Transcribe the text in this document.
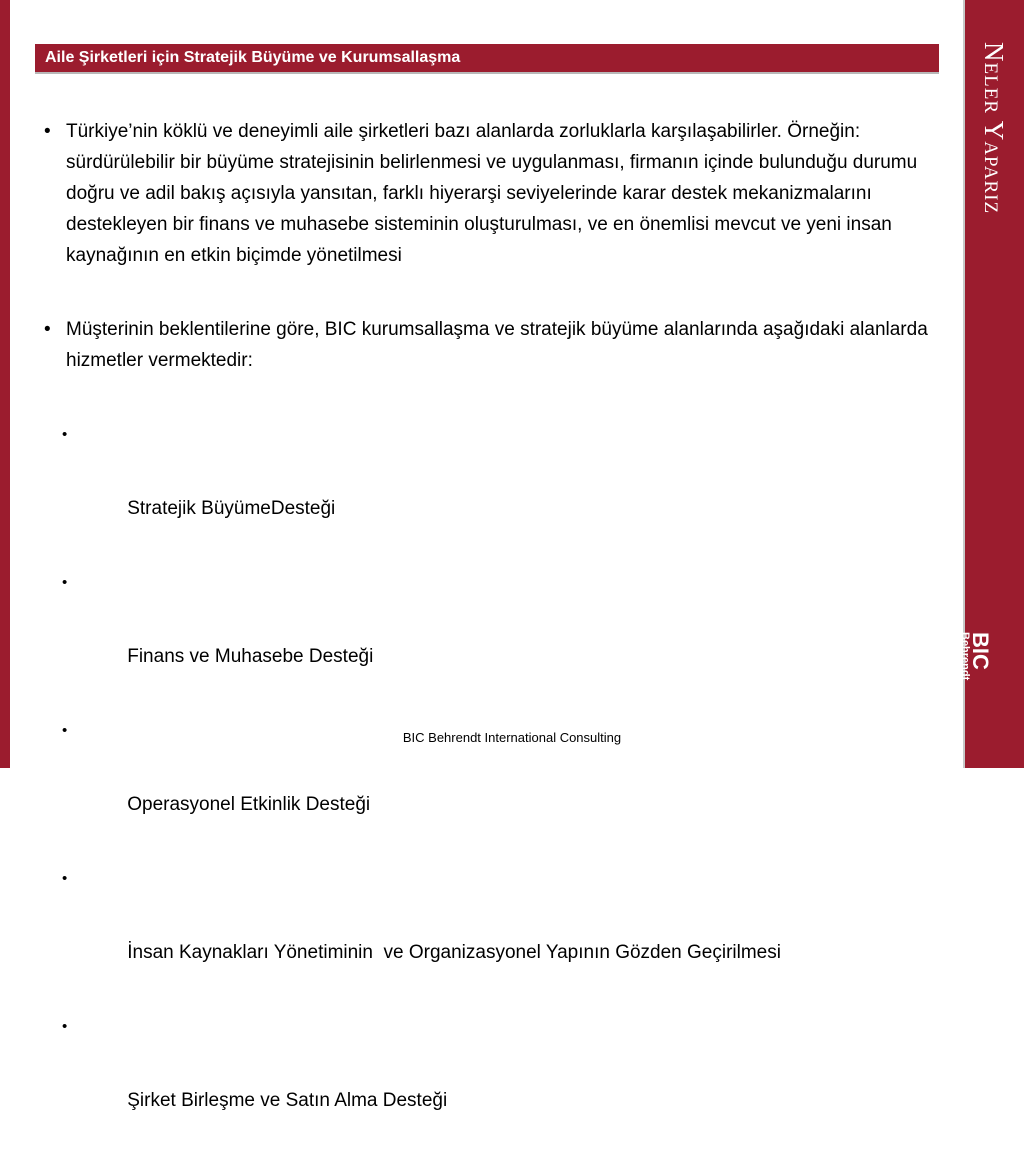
Neler Yaparız
BIC
Behrendt
International Consulting
Aile Şirketleri için Stratejik Büyüme ve Kurumsallaşma
• Türkiye’nin köklü ve deneyimli aile şirketleri bazı alanlarda zorluklarla karşılaşabilirler. Örneğin: sürdürülebilir bir büyüme stratejisinin belirlenmesi ve uygulanması, firmanın içinde bulunduğu durumu doğru ve adil bakış açısıyla yansıtan, farklı hiyerarşi seviyelerinde karar destek mekanizmalarını destekleyen bir finans ve muhasebe sisteminin oluşturulması, ve en önemlisi mevcut ve yeni insan kaynağının en etkin biçimde yönetilmesi
• Müşterinin beklentilerine göre, BIC kurumsallaşma ve stratejik büyüme alanlarında aşağıdaki alanlarda hizmetler vermektedir:

•

Stratejik BüyümeDesteği

•

Finans ve Muhasebe Desteği

•

Operasyonel Etkinlik Desteği

•

İnsan Kaynakları Yönetiminin  ve Organizasyonel Yapının Gözden Geçirilmesi

•

Şirket Birleşme ve Satın Alma Desteği

BIC Behrendt International Consulting
